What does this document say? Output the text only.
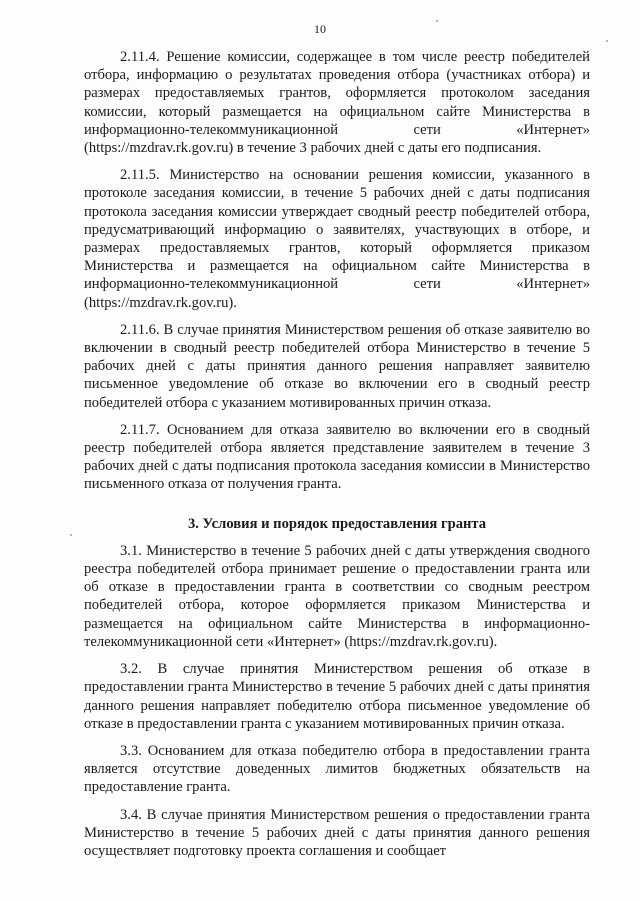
10

2.11.4. Решение комиссии, содержащее в том числе реестр победителей отбора, информацию о результатах проведения отбора (участниках отбора) и размерах предоставляемых грантов, оформляется протоколом заседания комиссии, который размещается на официальном сайте Министерства в информационно-телекоммуникационной сети «Интернет» (https://mzdrav.rk.gov.ru) в течение 3 рабочих дней с даты его подписания.

2.11.5. Министерство на основании решения комиссии, указанного в протоколе заседания комиссии, в течение 5 рабочих дней с даты подписания протокола заседания комиссии утверждает сводный реестр победителей отбора, предусматривающий информацию о заявителях, участвующих в отборе, и размерах предоставляемых грантов, который оформляется приказом Министерства и размещается на официальном сайте Министерства в информационно-телекоммуникационной сети «Интернет» (https://mzdrav.rk.gov.ru).

2.11.6. В случае принятия Министерством решения об отказе заявителю во включении в сводный реестр победителей отбора Министерство в течение 5 рабочих дней с даты принятия данного решения направляет заявителю письменное уведомление об отказе во включении его в сводный реестр победителей отбора с указанием мотивированных причин отказа.

2.11.7. Основанием для отказа заявителю во включении его в сводный реестр победителей отбора является представление заявителем в течение 3 рабочих дней с даты подписания протокола заседания комиссии в Министерство письменного отказа от получения гранта.

3. Условия и порядок предоставления гранта

3.1. Министерство в течение 5 рабочих дней с даты утверждения сводного реестра победителей отбора принимает решение о предоставлении гранта или об отказе в предоставлении гранта в соответствии со сводным реестром победителей отбора, которое оформляется приказом Министерства и размещается на официальном сайте Министерства в информационно-телекоммуникационной сети «Интернет» (https://mzdrav.rk.gov.ru).

3.2. В случае принятия Министерством решения об отказе в предоставлении гранта Министерство в течение 5 рабочих дней с даты принятия данного решения направляет победителю отбора письменное уведомление об отказе в предоставлении гранта с указанием мотивированных причин отказа.

3.3. Основанием для отказа победителю отбора в предоставлении гранта является отсутствие доведенных лимитов бюджетных обязательств на предоставление гранта.

3.4. В случае принятия Министерством решения о предоставлении гранта Министерство в течение 5 рабочих дней с даты принятия данного решения осуществляет подготовку проекта соглашения и сообщает
